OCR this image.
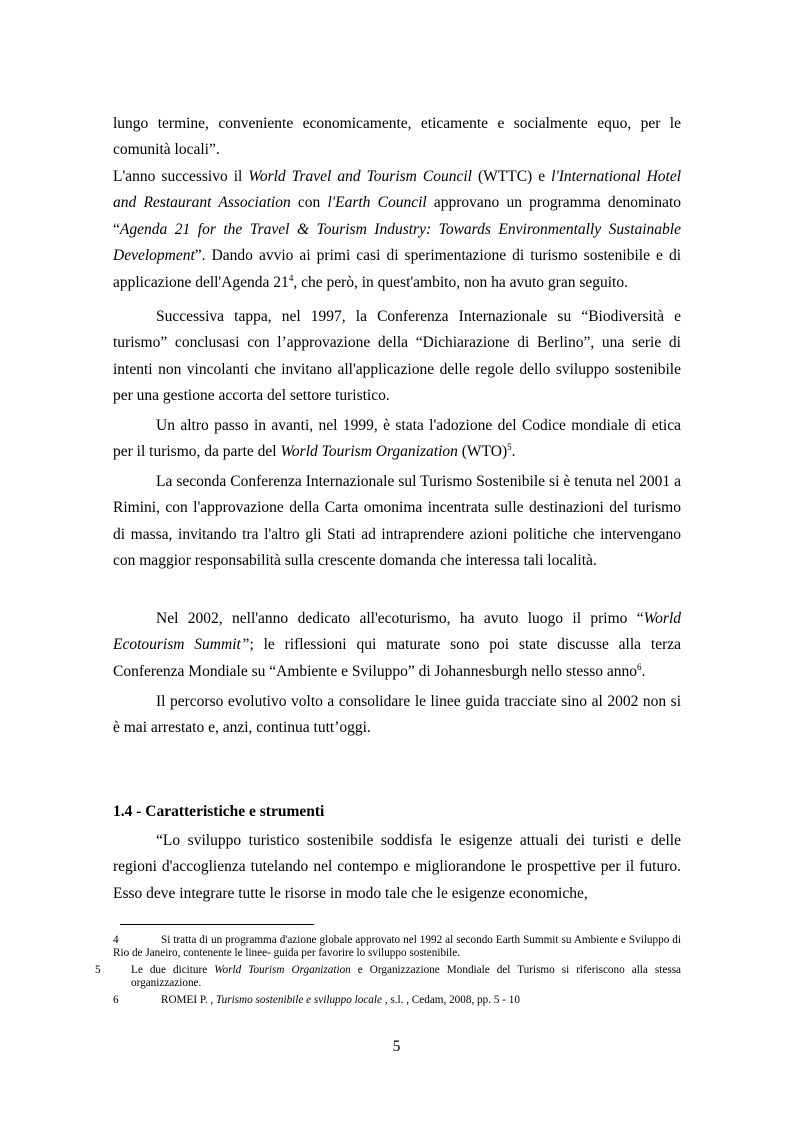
lungo termine, conveniente economicamente, eticamente e socialmente equo, per le comunità locali”.

L'anno successivo il World Travel and Tourism Council (WTTC) e l'International Hotel and Restaurant Association con l'Earth Council approvano un programma denominato “Agenda 21 for the Travel & Tourism Industry: Towards Environmentally Sustainable Development”. Dando avvio ai primi casi di sperimentazione di turismo sostenibile e di applicazione dell'Agenda $21^4$, che però, in quest'ambito, non ha avuto gran seguito.

Successiva tappa, nel 1997, la Conferenza Internazionale su “Biodiversità e turismo” conclusasi con l’approvazione della “Dichiarazione di Berlino”, una serie di intenti non vincolanti che invitano all'applicazione delle regole dello sviluppo sostenibile per una gestione accorta del settore turistico.

Un altro passo in avanti, nel 1999, è stata l'adozione del Codice mondiale di etica per il turismo, da parte del World Tourism Organization (WTO)$^5$.

La seconda Conferenza Internazionale sul Turismo Sostenibile si è tenuta nel 2001 a Rimini, con l'approvazione della Carta omonima incentrata sulle destinazioni del turismo di massa, invitando tra l'altro gli Stati ad intraprendere azioni politiche che intervengano con maggior responsabilità sulla crescente domanda che interessa tali località.

Nel 2002, nell'anno dedicato all'ecoturismo, ha avuto luogo il primo “World Ecotourism Summit”; le riflessioni qui maturate sono poi state discusse alla terza Conferenza Mondiale su “Ambiente e Sviluppo” di Johannesburgh nello stesso anno$^6$.

Il percorso evolutivo volto a consolidare le linee guida tracciate sino al 2002 non si è mai arrestato e, anzi, continua tutt’oggi.

1.4 - Caratteristiche e strumenti

“Lo sviluppo turistico sostenibile soddisfa le esigenze attuali dei turisti e delle regioni d'accoglienza tutelando nel contempo e migliorandone le prospettive per il futuro. Esso deve integrare tutte le risorse in modo tale che le esigenze economiche,

4	Si tratta di un programma d'azione globale approvato nel 1992 al secondo Earth Summit su Ambiente e Sviluppo di Rio de Janeiro, contenente le linee- guida per favorire lo sviluppo sostenibile.

5	Le due diciture World Tourism Organization e Organizzazione Mondiale del Turismo si riferiscono alla stessa organizzazione.

6	ROMEI P. , Turismo sostenibile e sviluppo locale , s.l. , Cedam, 2008, pp. 5 - 10

5
